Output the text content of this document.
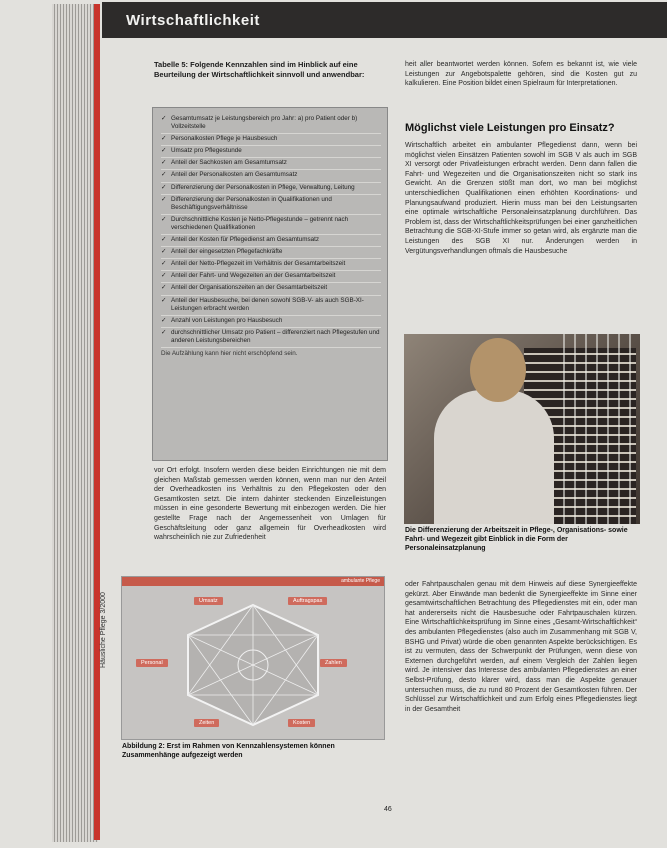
Wirtschaftlichkeit
Tabelle 5: Folgende Kennzahlen sind im Hinblick auf eine Beurteilung der Wirtschaftlichkeit sinnvoll und anwendbar:
✓ Gesamtumsatz je Leistungsbereich pro Jahr: a) pro Patient oder b) Vollzeitstelle
✓ Personalkosten Pflege je Hausbesuch
✓ Umsatz pro Pflegestunde
✓ Anteil der Sachkosten am Gesamtumsatz
✓ Anteil der Personalkosten am Gesamtumsatz
✓ Differenzierung der Personalkosten in Pflege, Verwaltung, Leitung
✓ Differenzierung der Personalkosten in Qualifikationen und Beschäftigungsverhältnisse
✓ Durchschnittliche Kosten je Netto-Pflegestunde – getrennt nach verschiedenen Qualifikationen
✓ Anteil der Kosten für Pflegedienst am Gesamtumsatz
✓ Anteil der eingesetzten Pflegefachkräfte
✓ Anteil der Netto-Pflegezeit im Verhältnis der Gesamtarbeitszeit
✓ Anteil der Fahrt- und Wegezeiten an der Gesamtarbeitszeit
✓ Anteil der Organisationszeiten an der Gesamtarbeitszeit
✓ Anteil der Hausbesuche, bei denen sowohl SGB-V- als auch SGB-XI-Leistungen erbracht werden
✓ Anzahl von Leistungen pro Hausbesuch
✓ durchschnittlicher Umsatz pro Patient – differenziert nach Pflegestufen und anderen Leistungsbereichen
Die Aufzählung kann hier nicht erschöpfend sein.
vor Ort erfolgt. Insofern werden diese beiden Einrichtungen nie mit dem gleichen Maßstab gemessen werden können, wenn man nur den Anteil der Overheadkosten ins Verhältnis zu den Pflegekosten oder den Gesamtkosten setzt. Die intern dahinter steckenden Einzelleistungen müssen in eine gesonderte Bewertung mit einbezogen werden. Die hier gestellte Frage nach der Angemessenheit von Umlagen für Geschäftsleitung oder ganz allgemein für Overheadkosten wird wahrscheinlich nie zur Zufriedenheit
heit aller beantwortet werden können. Sofern es bekannt ist, wie viele Leistungen zur Angebotspalette gehören, sind die Kosten gut zu kalkulieren. Eine Position bildet einen Spielraum für Interpretationen.
Möglichst viele Leistungen pro Einsatz?
Wirtschaftlich arbeitet ein ambulanter Pflegedienst dann, wenn bei möglichst vielen Einsätzen Patienten sowohl im SGB V als auch im SGB XI versorgt oder Privatleistungen erbracht werden. Denn dann fallen die Fahrt- und Wegezeiten und die Organisationszeiten nicht so stark ins Gewicht. An die Grenzen stößt man dort, wo man bei möglichst unterschiedlichen Qualifikationen einen erhöhten Koordinations- und Planungsaufwand produziert. Hierin muss man bei den Leistungsarten eine optimale wirtschaftliche Personaleinsatzplanung durchführen. Das Problem ist, dass der Wirtschaftlichkeitsprüfungen bei einer ganzheitlichen Betrachtung die SGB-XI-Stufe immer so getan wird, als ergänzte man die Leistungen des SGB XI nur. Änderungen werden in Vergütungsverhandlungen oftmals die Hausbesuche
Die Differenzierung der Arbeitszeit in Pflege-, Organisations- sowie Fahrt- und Wegezeit gibt Einblick in die Form der Personaleinsatzplanung
oder Fahrtpauschalen genau mit dem Hinweis auf diese Synergieeffekte gekürzt. Aber Einwände man bedenkt die Synergieeffekte im Sinne einer gesamtwirtschaftlichen Betrachtung des Pflegedienstes mit ein, oder man hat andererseits nicht die Hausbesuche oder Fahrtpauschalen kürzen. Eine Wirtschaftlichkeitsprüfung im Sinne eines „Gesamt-Wirtschaftlichkeit“ des ambulanten Pflegedienstes (also auch im Zusammenhang mit SGB V, BSHG und Privat) würde die oben genannten Aspekte berücksichtigen. Es ist zu vermuten, dass der Schwerpunkt der Prüfungen, wenn diese von Externen durchgeführt werden, auf einem Vergleich der Zahlen liegen wird. Je intensiver das Interesse des ambulanten Pflegedienstes an einer Selbst-Prüfung, desto klarer wird, dass man die Aspekte genauer untersuchen muss, die zu rund 80 Prozent der Gesamtkosten führen. Der Schlüssel zur Wirtschaftlichkeit und zum Erfolg eines Pflegedienstes liegt in der Gesamtheit
ambulante Pflege
Umsatz	Auftragspas
Personal	Zahlen
Zeiten	Kosten
Häusliche Pflege 3/2000
Abbildung 2: Erst im Rahmen von Kennzahlensystemen können Zusammenhänge aufgezeigt werden
46
